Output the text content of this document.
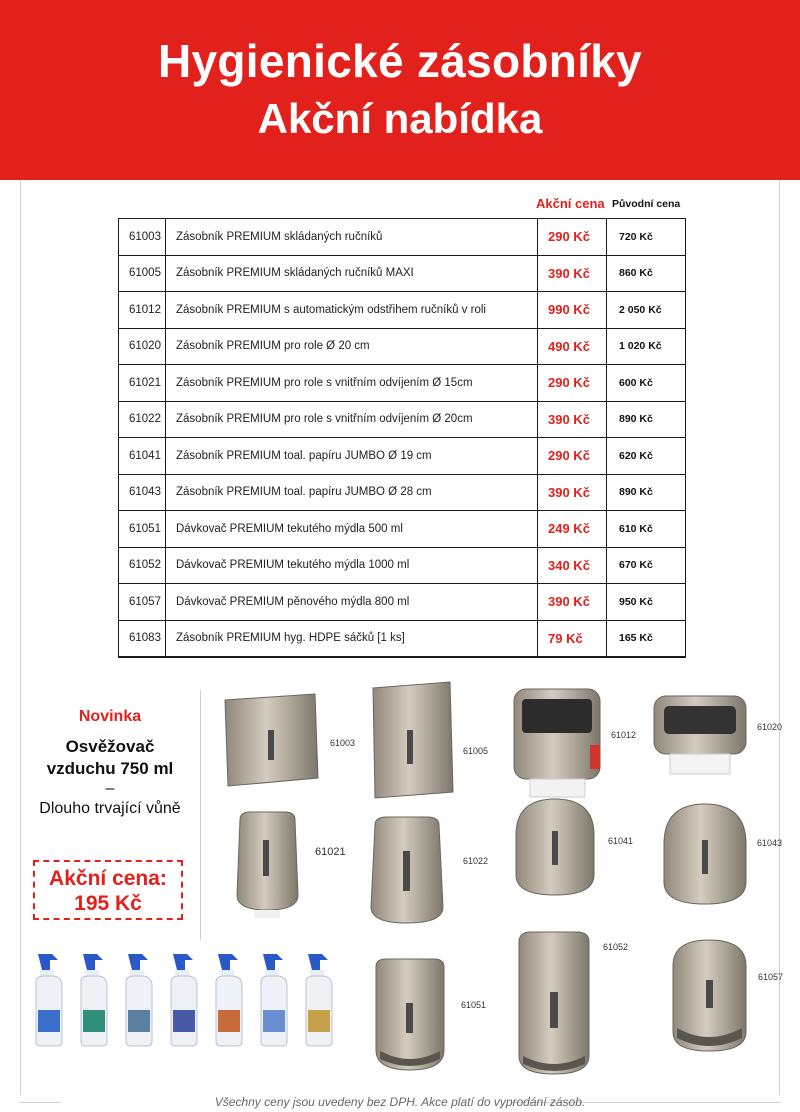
Hygienické zásobníky
Akční nabídka
Akční cena Původní cena
61003	Zásobník PREMIUM skládaných ručníků	290 Kč	720 Kč
61005	Zásobník PREMIUM skládaných ručníků MAXI	390 Kč	860 Kč
61012	Zásobník PREMIUM s automatickým odstřihem ručníků v roli	990 Kč	2 050 Kč
61020	Zásobník PREMIUM pro role Ø 20 cm	490 Kč	1 020 Kč
61021	Zásobník PREMIUM pro role s vnitřním odvíjením Ø 15cm	290 Kč	600 Kč
61022	Zásobník PREMIUM pro role s vnitřním odvíjením Ø 20cm	390 Kč	890 Kč
61041	Zásobník PREMIUM toal. papíru JUMBO Ø 19 cm	290 Kč	620 Kč
61043	Zásobník PREMIUM toal. papíru JUMBO Ø 28 cm	390 Kč	890 Kč
61051	Dávkovač PREMIUM tekutého mýdla 500 ml	249 Kč	610 Kč
61052	Dávkovač PREMIUM tekutého mýdla 1000 ml	340 Kč	670 Kč
61057	Dávkovač PREMIUM pěnového mýdla 800 ml	390 Kč	950 Kč
61083	Zásobník PREMIUM hyg. HDPE sáčků [1 ks]	79 Kč	165 Kč
Novinka
Osvěžovač vzduchu 750 ml
–
Dlouho trvající vůně
Akční cena:
195 Kč
61003
61005
61012
61020
61021
61022
61041	61043
61051
61052
61057
Všechny ceny jsou uvedeny bez DPH. Akce platí do vyprodání zásob.
